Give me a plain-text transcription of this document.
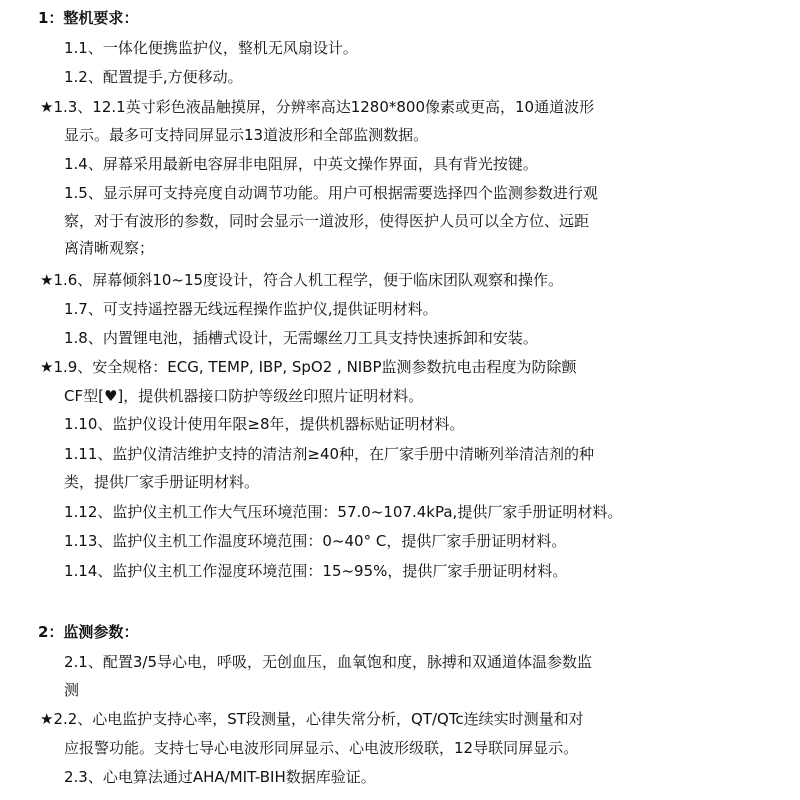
1：整机要求：
1.1、一体化便携监护仪，整机无风扇设计。
1.2、配置提手,方便移动。
★1.3、12.1英寸彩色液晶触摸屏，分辨率高达1280*800像素或更高，10通道波形
显示。最多可支持同屏显示13道波形和全部监测数据。
1.4、屏幕采用最新电容屏非电阻屏，中英文操作界面，具有背光按键。
1.5、显示屏可支持亮度自动调节功能。用户可根据需要选择四个监测参数进行观
察，对于有波形的参数，同时会显示一道波形，使得医护人员可以全方位、远距
离清晰观察；
★1.6、屏幕倾斜10~15度设计，符合人机工程学，便于临床团队观察和操作。
1.7、可支持遥控器无线远程操作监护仪,提供证明材料。
1.8、内置锂电池，插槽式设计，无需螺丝刀工具支持快速拆卸和安装。
★1.9、安全规格：ECG, TEMP, IBP, SpO2 , NIBP监测参数抗电击程度为防除颤
CF型[♥]，提供机器接口防护等级丝印照片证明材料。
1.10、监护仪设计使用年限≥8年，提供机器标贴证明材料。
1.11、监护仪清洁维护支持的清洁剂≥40种，在厂家手册中清晰列举清洁剂的种
类，提供厂家手册证明材料。
1.12、监护仪主机工作大气压环境范围：57.0~107.4kPa,提供厂家手册证明材料。
1.13、监护仪主机工作温度环境范围：0~40° C，提供厂家手册证明材料。
1.14、监护仪主机工作湿度环境范围：15~95%，提供厂家手册证明材料。
2：监测参数：
2.1、配置3/5导心电，呼吸，无创血压，血氧饱和度，脉搏和双通道体温参数监
测
★2.2、心电监护支持心率，ST段测量，心律失常分析，QT/QTc连续实时测量和对
应报警功能。支持七导心电波形同屏显示、心电波形级联，12导联同屏显示。
2.3、心电算法通过AHA/MIT-BIH数据库验证。
